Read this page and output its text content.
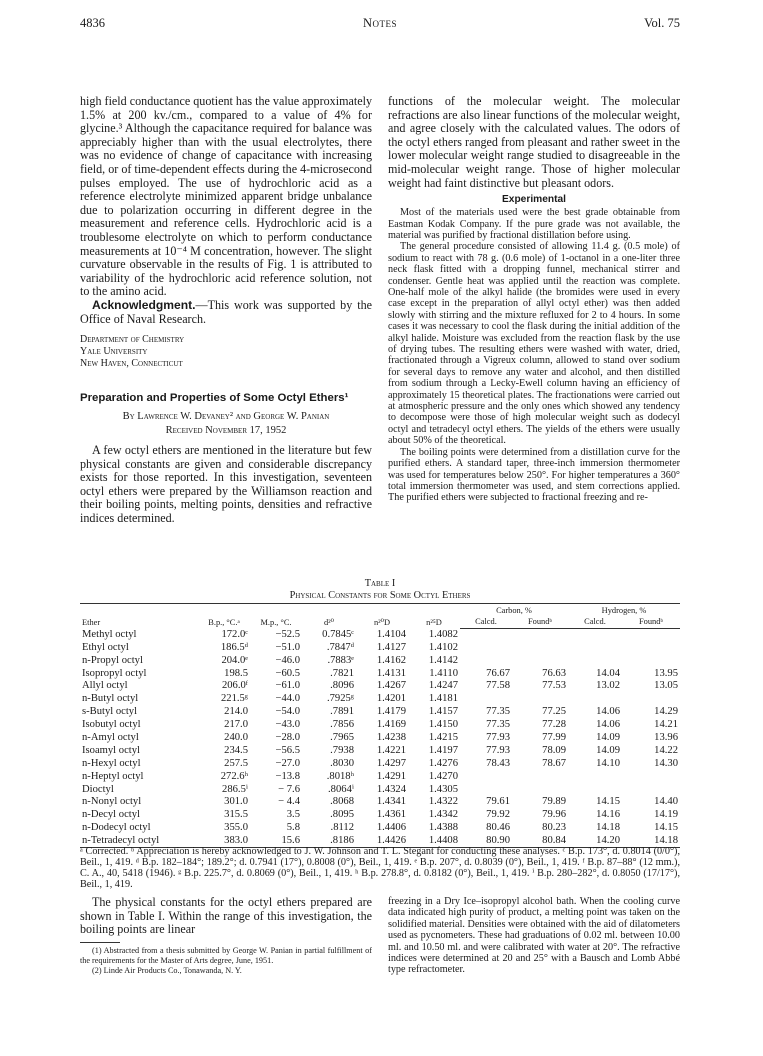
4836	Notes	Vol. 75

high field conductance quotient has the value approximately 1.5% at 200 kv./cm., compared to a value of 4% for glycine.³ Although the capacitance required for balance was appreciably higher than with the usual electrolytes, there was no evidence of change of capacitance with increasing field, or of time-dependent effects during the 4-microsecond pulses employed. The use of hydrochloric acid as a reference electrolyte minimized apparent bridge unbalance due to polarization occurring in different degree in the measurement and reference cells. Hydrochloric acid is a troublesome electrolyte on which to perform conductance measurements at 10⁻⁴ M concentration, however. The slight curvature observable in the results of Fig. 1 is attributed to variability of the hydrochloric acid reference solution, not to the amino acid.

Acknowledgment.—This work was supported by the Office of Naval Research.

Department of Chemistry
Yale University
New Haven, Connecticut
Preparation and Properties of Some Octyl Ethers¹
By Lawrence W. Devaney² and George W. Panian
Received November 17, 1952

A few octyl ethers are mentioned in the literature but few physical constants are given and considerable discrepancy exists for those reported. In this investigation, seventeen octyl ethers were prepared by the Williamson reaction and their boiling points, melting points, densities and refractive indices determined.

functions of the molecular weight. The molecular refractions are also linear functions of the molecular weight, and agree closely with the calculated values. The odors of the octyl ethers ranged from pleasant and rather sweet in the lower molecular weight range studied to disagreeable in the mid-molecular weight range. Those of higher molecular weight had faint distinctive but pleasant odors.

Experimental

Most of the materials used were the best grade obtainable from Eastman Kodak Company. If the pure grade was not available, the material was purified by fractional distillation before using.

The general procedure consisted of allowing 11.4 g. (0.5 mole) of sodium to react with 78 g. (0.6 mole) of 1-octanol in a one-liter three neck flask fitted with a dropping funnel, mechanical stirrer and condenser. Gentle heat was applied until the reaction was complete. One-half mole of the alkyl halide (the bromides were used in every case except in the preparation of allyl octyl ether) was then added slowly with stirring and the mixture refluxed for 2 to 4 hours. In some cases it was necessary to cool the flask during the initial addition of the alkyl halide. Moisture was excluded from the reaction flask by the use of drying tubes. The resulting ethers were washed with water, dried, fractionated through a Vigreux column, allowed to stand over sodium for several days to remove any water and alcohol, and then distilled from sodium through a Lecky-Ewell column having an efficiency of approximately 15 theoretical plates. The fractionations were carried out at atmospheric pressure and the only ones which showed any tendency to decompose were those of high molecular weight such as dodecyl octyl and tetradecyl octyl ethers. The yields of the ethers were usually about 50% of the theoretical.

The boiling points were determined from a distillation curve for the purified ethers. A standard taper, three-inch immersion thermometer was used for temperatures below 250°. For higher temperatures a 360° total immersion thermometer was used, and stem corrections applied. The purified ethers were subjected to fractional freezing and re-

Table I
Physical Constants for Some Octyl Ethers
Ether	B.p., °C.ᵃ	M.p., °C.	d²⁰	n²⁰D	n²⁵D	Carbon, %		Hydrogen, %	
						Calcd.	Foundᵇ	Calcd.	Foundᵇ
Methyl octyl	172.0ᶜ	−52.5	0.7845ᶜ	1.4104	1.4082				
Ethyl octyl	186.5ᵈ	−51.0	.7847ᵈ	1.4127	1.4102				
n-Propyl octyl	204.0ᵉ	−46.0	.7883ᵉ	1.4162	1.4142				
Isopropyl octyl	198.5	−60.5	.7821	1.4131	1.4110	76.67	76.63	14.04	13.95
Allyl octyl	206.0ᶠ	−61.0	.8096	1.4267	1.4247	77.58	77.53	13.02	13.05
n-Butyl octyl	221.5ᵍ	−44.0	.7925ᵍ	1.4201	1.4181				
s-Butyl octyl	214.0	−54.0	.7891	1.4179	1.4157	77.35	77.25	14.06	14.29
Isobutyl octyl	217.0	−43.0	.7856	1.4169	1.4150	77.35	77.28	14.06	14.21
n-Amyl octyl	240.0	−28.0	.7965	1.4238	1.4215	77.93	77.99	14.09	13.96
Isoamyl octyl	234.5	−56.5	.7938	1.4221	1.4197	77.93	78.09	14.09	14.22
n-Hexyl octyl	257.5	−27.0	.8030	1.4297	1.4276	78.43	78.67	14.10	14.30
n-Heptyl octyl	272.6ʰ	−13.8	.8018ʰ	1.4291	1.4270				
Dioctyl	286.5ⁱ	− 7.6	.8064ⁱ	1.4324	1.4305				
n-Nonyl octyl	301.0	− 4.4	.8068	1.4341	1.4322	79.61	79.89	14.15	14.40
n-Decyl octyl	315.5	3.5	.8095	1.4361	1.4342	79.92	79.96	14.16	14.19
n-Dodecyl octyl	355.0	5.8	.8112	1.4406	1.4388	80.46	80.23	14.18	14.15
n-Tetradecyl octyl	383.0	15.6	.8186	1.4426	1.4408	80.90	80.84	14.20	14.18
ᵃ Corrected. ᵇ Appreciation is hereby acknowledged to J. W. Johnson and T. L. Stegant for conducting these analyses. ᶜ B.p. 173°, d. 0.8014 (0/0°), Beil., 1, 419. ᵈ B.p. 182–184°; 189.2°; d. 0.7941 (17°), 0.8008 (0°), Beil., 1, 419. ᵉ B.p. 207°, d. 0.8039 (0°), Beil., 1, 419. ᶠ B.p. 87–88° (12 mm.), C. A., 40, 5418 (1946). ᵍ B.p. 225.7°, d. 0.8069 (0°), Beil., 1, 419. ʰ B.p. 278.8°, d. 0.8182 (0°), Beil., 1, 419. ⁱ B.p. 280–282°, d. 0.8050 (17/17°), Beil., 1, 419.

The physical constants for the octyl ethers prepared are shown in Table I. Within the range of this investigation, the boiling points are linear

(1) Abstracted from a thesis submitted by George W. Panian in partial fulfillment of the requirements for the Master of Arts degree, June, 1951.

(2) Linde Air Products Co., Tonawanda, N. Y.

freezing in a Dry Ice–isopropyl alcohol bath. When the cooling curve data indicated high purity of product, a melting point was taken on the solidified material. Densities were obtained with the aid of dilatometers used as pycnometers. These had graduations of 0.02 ml. between 10.00 ml. and 10.50 ml. and were calibrated with water at 20°. The refractive indices were determined at 20 and 25° with a Bausch and Lomb Abbé type refractometer.
